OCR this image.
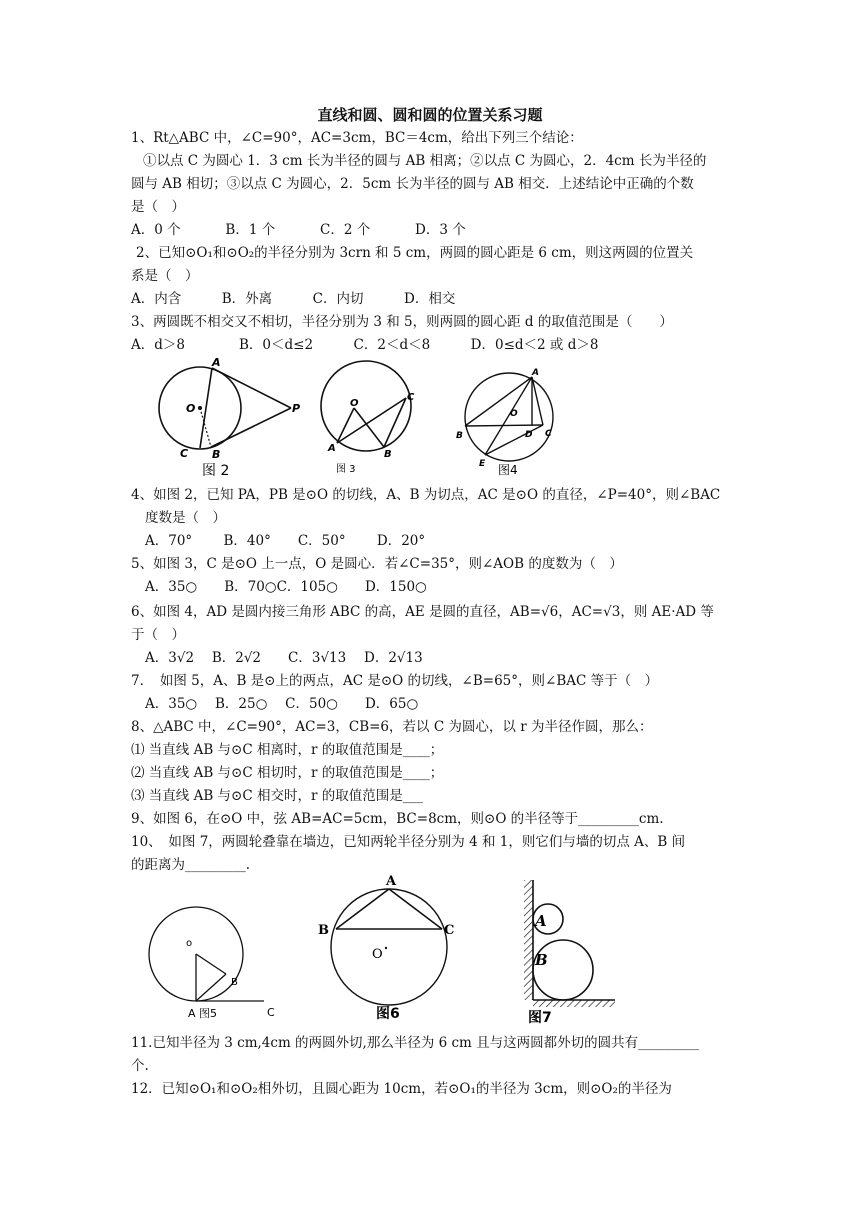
直线和圆、圆和圆的位置关系习题
1、Rt△ABC 中，∠C=90°，AC=3cm，BC＝4cm，给出下列三个结论：
①以点 C 为圆心 1．3 cm 长为半径的圆与 AB 相离；②以点 C 为圆心，2．4cm 长为半径的
圆与 AB 相切；③以点 C 为圆心，2．5cm 长为半径的圆与 AB 相交．上述结论中正确的个数
是（　）
A．0 个　　　 B．1 个　　　 C．2 个　　　 D．3 个
2、已知⊙O₁和⊙O₂的半径分别为 3crn 和 5 cm，两圆的圆心距是 6 cm，则这两圆的位置关
系是（　）
A．内含　　　B．外离　　　C．内切　　　D．相交
3、两圆既不相交又不相切，半径分别为 3 和 5，则两圆的圆心距 d 的取值范围是（　　）
A．d＞8　　　　B．0＜d≤2　　　C．2＜d＜8　　　D．0≤d＜2 或 d＞8
A
O	P
C B
图 2
O
C
A
B
图 3
A
O
B	D C
E 图4
4、如图 2，已知 PA，PB 是⊙O 的切线，A、B 为切点，AC 是⊙O 的直径，∠P=40°，则∠BAC
度数是（　）
A．70°　　 B．40°　　C．50°　　 D．20°
5、如图 3，C 是⊙O 上一点，O 是圆心．若∠C=35°，则∠AOB 的度数为（　）
A．35○　　B．70○C．105○　　D．150○
6、如图 4，AD 是圆内接三角形 ABC 的高，AE 是圆的直径，AB=√6，AC=√3，则 AE·AD 等
于（　）
A．3√2　 B．2√2　　C．3√13　 D．2√13
7．　如图 5，A、B 是⊙上的两点，AC 是⊙O 的切线，∠B=65°，则∠BAC 等于（　）
A．35○　 B．25○　 C．50○　　D．65○
8、△ABC 中，∠C=90°，AC=3，CB=6，若以 C 为圆心，以 r 为半径作圆，那么：
⑴ 当直线 AB 与⊙C 相离时，r 的取值范围是____；
⑵ 当直线 AB 与⊙C 相切时，r 的取值范围是____；
⑶ 当直线 AB 与⊙C 相交时，r 的取值范围是___
9、如图 6，在⊙O 中，弦 AB=AC=5cm，BC=8cm，则⊙O 的半径等于_________cm.
10、　如图 7，两圆轮叠靠在墙边，已知两轮半径分别为 4 和 1，则它们与墙的切点 A、B 间
的距离为_________.
o
B
C
A 图5
A
B	C
O
图6
A
B
图7
11.已知半径为 3 cm,4cm 的两圆外切,那么半径为 6 cm 且与这两圆都外切的圆共有_________
个.
12．已知⊙O₁和⊙O₂相外切，且圆心距为 10cm，若⊙O₁的半径为 3cm，则⊙O₂的半径为
